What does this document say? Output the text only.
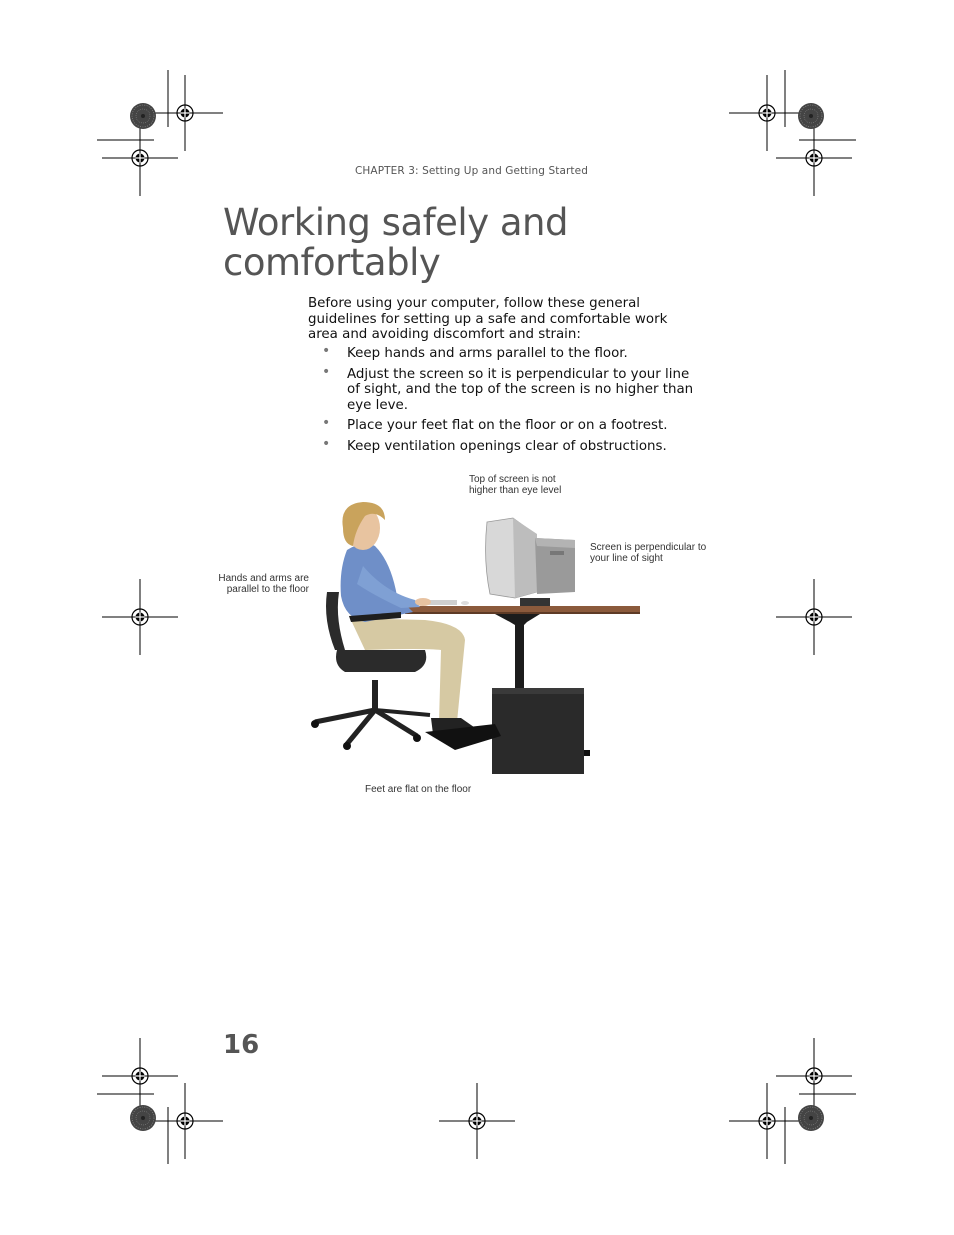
CHAPTER 3: Setting Up and Getting Started
Working safely and comfortably

Before using your computer, follow these general guidelines for setting up a safe and comfortable work area and avoiding discomfort and strain:

• Keep hands and arms parallel to the floor.
• Adjust the screen so it is perpendicular to your line of sight, and the top of the screen is no higher than eye leve.
• Place your feet flat on the floor or on a footrest.
• Keep ventilation openings clear of obstructions.
Top of screen is not
higher than eye level
Screen is perpendicular to
your line of sight
Hands and arms are
parallel to the floor
Feet are flat on the floor
16
